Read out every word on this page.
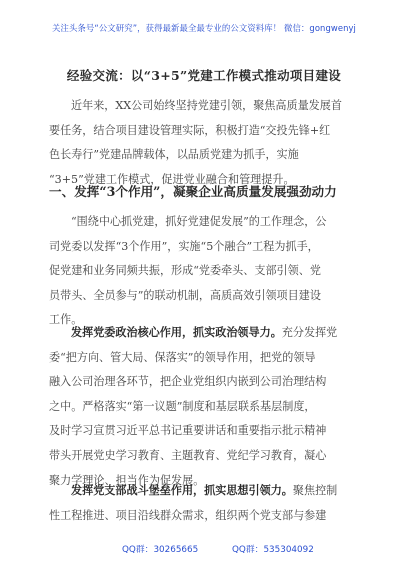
关注头条号“公文研究”，获得最新最全最专业的公文资料库！ 微信：gongwenyj
经验交流：以“3+5”党建工作模式推动项目建设
近年来，XX公司始终坚持党建引领，聚焦高质量发展首
要任务，结合项目建设管理实际，积极打造“交投先锋+红
色长寿行”党建品牌载体，以品质党建为抓手，实施
“3+5”党建工作模式，促进党业融合和管理提升。
一、发挥“3个作用”，凝聚企业高质量发展强劲动力
“围绕中心抓党建，抓好党建促发展”的工作理念，公
司党委以发挥“3个作用”，实施“5个融合”工程为抓手，
促党建和业务同频共振，形成“党委牵头、支部引领、党
员带头、全员参与”的联动机制，高质高效引领项目建设
工作。
发挥党委政治核心作用，抓实政治领导力。充分发挥党
委“把方向、管大局、保落实”的领导作用，把党的领导
融入公司治理各环节，把企业党组织内嵌到公司治理结构
之中。严格落实“第一议题”制度和基层联系基层制度，
及时学习宣贯习近平总书记重要讲话和重要指示批示精神
带头开展党史学习教育、主题教育、党纪学习教育，凝心
聚力学理论、担当作为促发展。
发挥党支部战斗堡垒作用，抓实思想引领力。聚焦控制
性工程推进、项目沿线群众需求，组织两个党支部与参建
QQ群：30265665	QQ群：535304092
